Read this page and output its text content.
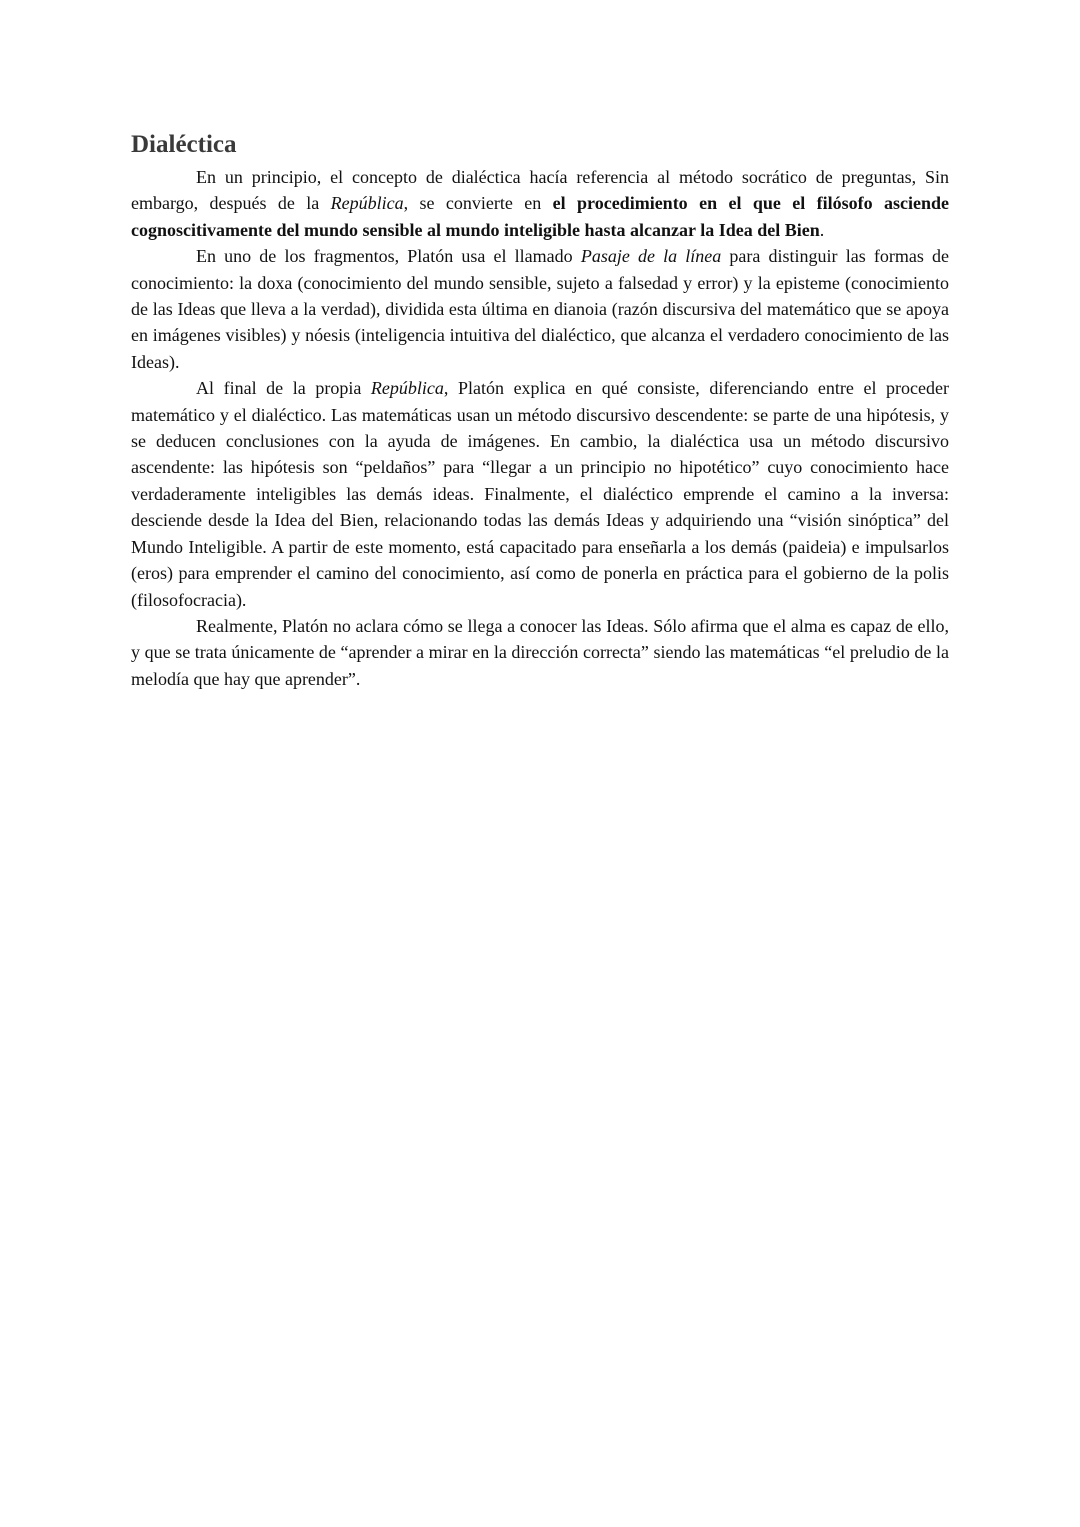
Dialéctica

En un principio, el concepto de dialéctica hacía referencia al método socrático de preguntas, Sin embargo, después de la República, se convierte en el procedimiento en el que el filósofo asciende cognoscitivamente del mundo sensible al mundo inteligible hasta alcanzar la Idea del Bien.

En uno de los fragmentos, Platón usa el llamado Pasaje de la línea para distinguir las formas de conocimiento: la doxa (conocimiento del mundo sensible, sujeto a falsedad y error) y la episteme (conocimiento de las Ideas que lleva a la verdad), dividida esta última en dianoia (razón discursiva del matemático que se apoya en imágenes visibles) y nóesis (inteligencia intuitiva del dialéctico, que alcanza el verdadero conocimiento de las Ideas).

Al final de la propia República, Platón explica en qué consiste, diferenciando entre el proceder matemático y el dialéctico. Las matemáticas usan un método discursivo descendente: se parte de una hipótesis, y se deducen conclusiones con la ayuda de imágenes. En cambio, la dialéctica usa un método discursivo ascendente: las hipótesis son “peldaños” para “llegar a un principio no hipotético” cuyo conocimiento hace verdaderamente inteligibles las demás ideas. Finalmente, el dialéctico emprende el camino a la inversa: desciende desde la Idea del Bien, relacionando todas las demás Ideas y adquiriendo una “visión sinóptica” del Mundo Inteligible. A partir de este momento, está capacitado para enseñarla a los demás (paideia) e impulsarlos (eros) para emprender el camino del conocimiento, así como de ponerla en práctica para el gobierno de la polis (filosofocracia).

Realmente, Platón no aclara cómo se llega a conocer las Ideas. Sólo afirma que el alma es capaz de ello, y que se trata únicamente de “aprender a mirar en la dirección correcta” siendo las matemáticas “el preludio de la melodía que hay que aprender”.
